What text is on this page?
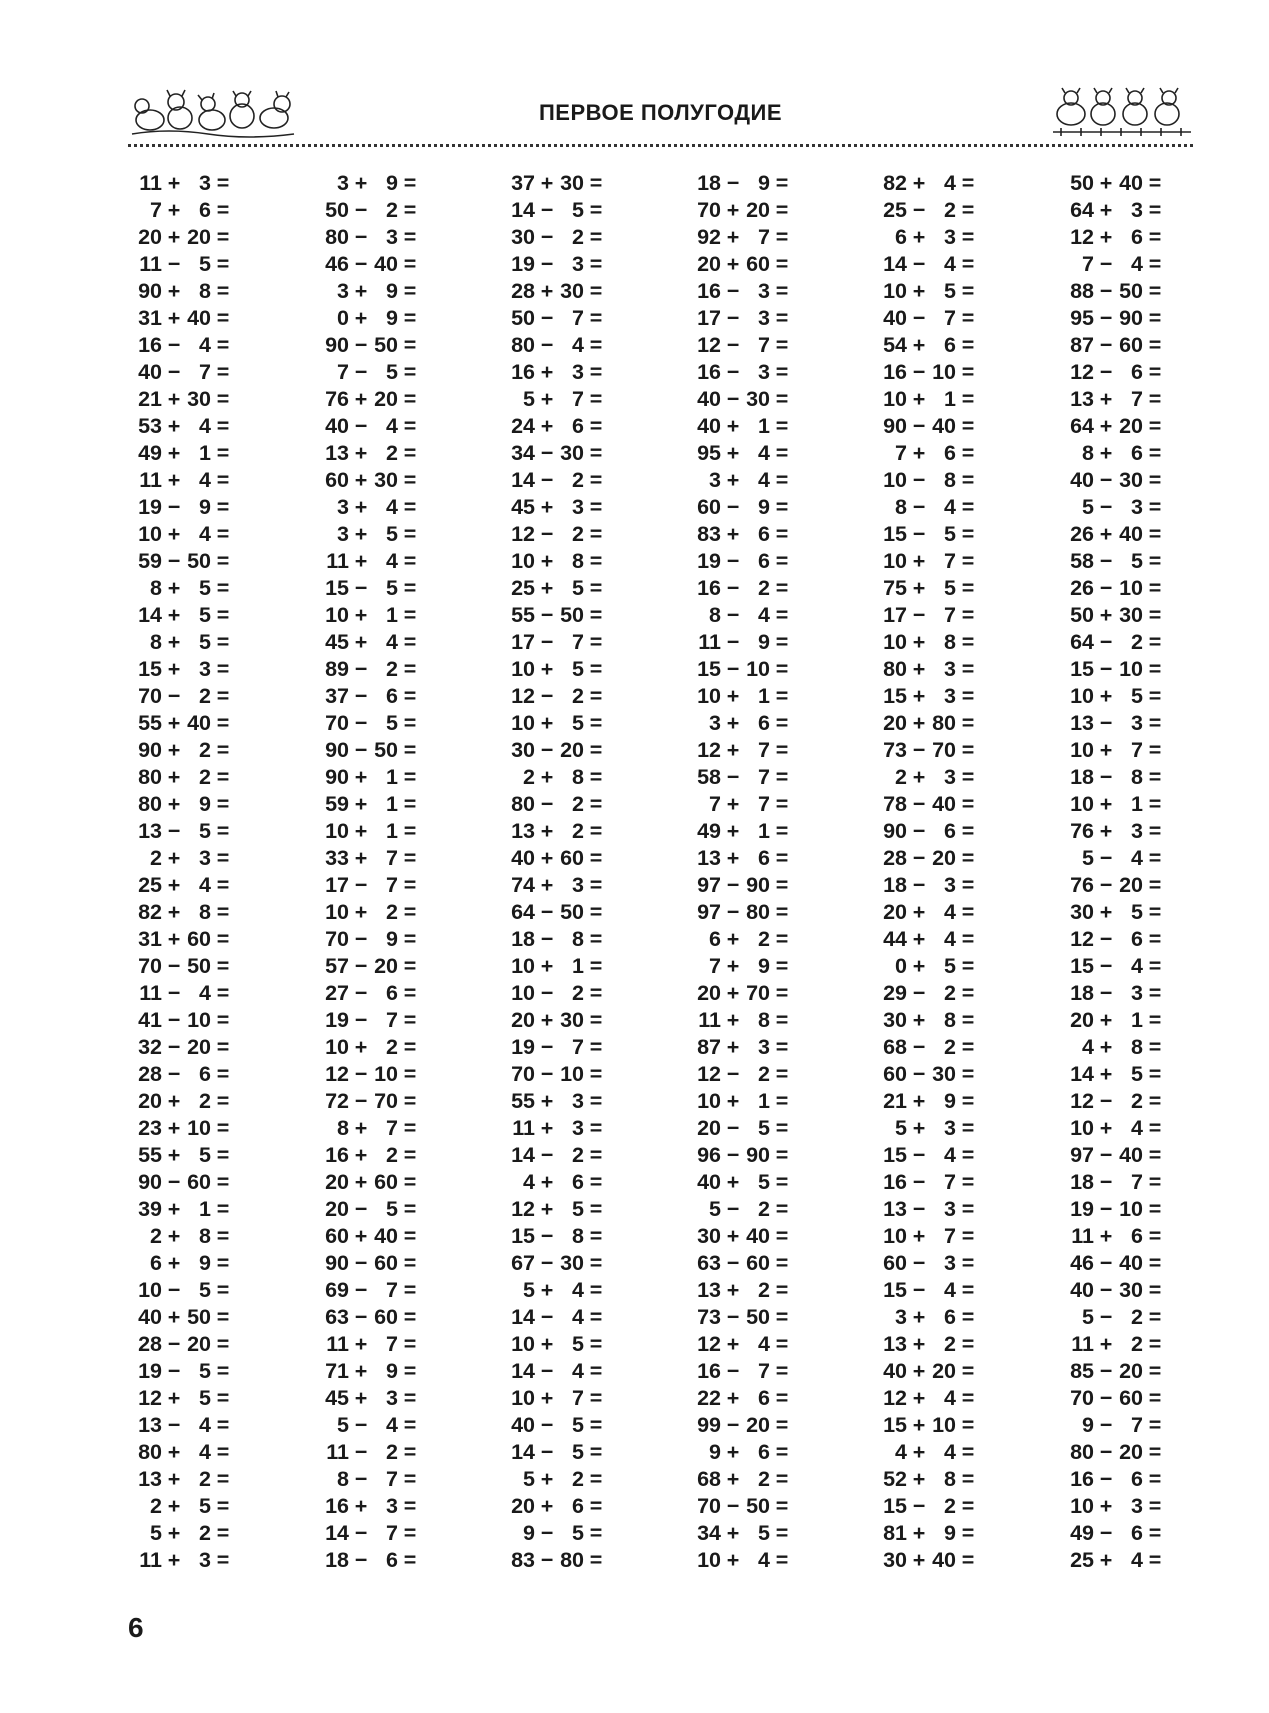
ПЕРВОЕ ПОЛУГОДИЕ
11 + 3 =
7 + 6 =
20 + 20 =
11 − 5 =
90 + 8 =
31 + 40 =
16 − 4 =
40 − 7 =
21 + 30 =
53 + 4 =
49 + 1 =
11 + 4 =
19 − 9 =
10 + 4 =
59 − 50 =
8 + 5 =
14 + 5 =
8 + 5 =
15 + 3 =
70 − 2 =
55 + 40 =
90 + 2 =
80 + 2 =
80 + 9 =
13 − 5 =
2 + 3 =
25 + 4 =
82 + 8 =
31 + 60 =
70 − 50 =
11 − 4 =
41 − 10 =
32 − 20 =
28 − 6 =
20 + 2 =
23 + 10 =
55 + 5 =
90 − 60 =
39 + 1 =
2 + 8 =
6 + 9 =
10 − 5 =
40 + 50 =
28 − 20 =
19 − 5 =
12 + 5 =
13 − 4 =
80 + 4 =
13 + 2 =
2 + 5 =
5 + 2 =
11 + 3 =
3 + 9 =
50 − 2 =
80 − 3 =
46 − 40 =
3 + 9 =
0 + 9 =
90 − 50 =
7 − 5 =
76 + 20 =
40 − 4 =
13 + 2 =
60 + 30 =
3 + 4 =
3 + 5 =
11 + 4 =
15 − 5 =
10 + 1 =
45 + 4 =
89 − 2 =
37 − 6 =
70 − 5 =
90 − 50 =
90 + 1 =
59 + 1 =
10 + 1 =
33 + 7 =
17 − 7 =
10 + 2 =
70 − 9 =
57 − 20 =
27 − 6 =
19 − 7 =
10 + 2 =
12 − 10 =
72 − 70 =
8 + 7 =
16 + 2 =
20 + 60 =
20 − 5 =
60 + 40 =
90 − 60 =
69 − 7 =
63 − 60 =
11 + 7 =
71 + 9 =
45 + 3 =
5 − 4 =
11 − 2 =
8 − 7 =
16 + 3 =
14 − 7 =
18 − 6 =
37 + 30 =
14 − 5 =
30 − 2 =
19 − 3 =
28 + 30 =
50 − 7 =
80 − 4 =
16 + 3 =
5 + 7 =
24 + 6 =
34 − 30 =
14 − 2 =
45 + 3 =
12 − 2 =
10 + 8 =
25 + 5 =
55 − 50 =
17 − 7 =
10 + 5 =
12 − 2 =
10 + 5 =
30 − 20 =
2 + 8 =
80 − 2 =
13 + 2 =
40 + 60 =
74 + 3 =
64 − 50 =
18 − 8 =
10 + 1 =
10 − 2 =
20 + 30 =
19 − 7 =
70 − 10 =
55 + 3 =
11 + 3 =
14 − 2 =
4 + 6 =
12 + 5 =
15 − 8 =
67 − 30 =
5 + 4 =
14 − 4 =
10 + 5 =
14 − 4 =
10 + 7 =
40 − 5 =
14 − 5 =
5 + 2 =
20 + 6 =
9 − 5 =
83 − 80 =
18 − 9 =
70 + 20 =
92 + 7 =
20 + 60 =
16 − 3 =
17 − 3 =
12 − 7 =
16 − 3 =
40 − 30 =
40 + 1 =
95 + 4 =
3 + 4 =
60 − 9 =
83 + 6 =
19 − 6 =
16 − 2 =
8 − 4 =
11 − 9 =
15 − 10 =
10 + 1 =
3 + 6 =
12 + 7 =
58 − 7 =
7 + 7 =
49 + 1 =
13 + 6 =
97 − 90 =
97 − 80 =
6 + 2 =
7 + 9 =
20 + 70 =
11 + 8 =
87 + 3 =
12 − 2 =
10 + 1 =
20 − 5 =
96 − 90 =
40 + 5 =
5 − 2 =
30 + 40 =
63 − 60 =
13 + 2 =
73 − 50 =
12 + 4 =
16 − 7 =
22 + 6 =
99 − 20 =
9 + 6 =
68 + 2 =
70 − 50 =
34 + 5 =
10 + 4 =
82 + 4 =
25 − 2 =
6 + 3 =
14 − 4 =
10 + 5 =
40 − 7 =
54 + 6 =
16 − 10 =
10 + 1 =
90 − 40 =
7 + 6 =
10 − 8 =
8 − 4 =
15 − 5 =
10 + 7 =
75 + 5 =
17 − 7 =
10 + 8 =
80 + 3 =
15 + 3 =
20 + 80 =
73 − 70 =
2 + 3 =
78 − 40 =
90 − 6 =
28 − 20 =
18 − 3 =
20 + 4 =
44 + 4 =
0 + 5 =
29 − 2 =
30 + 8 =
68 − 2 =
60 − 30 =
21 + 9 =
5 + 3 =
15 − 4 =
16 − 7 =
13 − 3 =
10 + 7 =
60 − 3 =
15 − 4 =
3 + 6 =
13 + 2 =
40 + 20 =
12 + 4 =
15 + 10 =
4 + 4 =
52 + 8 =
15 − 2 =
81 + 9 =
30 + 40 =
50 + 40 =
64 + 3 =
12 + 6 =
7 − 4 =
88 − 50 =
95 − 90 =
87 − 60 =
12 − 6 =
13 + 7 =
64 + 20 =
8 + 6 =
40 − 30 =
5 − 3 =
26 + 40 =
58 − 5 =
26 − 10 =
50 + 30 =
64 − 2 =
15 − 10 =
10 + 5 =
13 − 3 =
10 + 7 =
18 − 8 =
10 + 1 =
76 + 3 =
5 − 4 =
76 − 20 =
30 + 5 =
12 − 6 =
15 − 4 =
18 − 3 =
20 + 1 =
4 + 8 =
14 + 5 =
12 − 2 =
10 + 4 =
97 − 40 =
18 − 7 =
19 − 10 =
11 + 6 =
46 − 40 =
40 − 30 =
5 − 2 =
11 + 2 =
85 − 20 =
70 − 60 =
9 − 7 =
80 − 20 =
16 − 6 =
10 + 3 =
49 − 6 =
25 + 4 =
6
